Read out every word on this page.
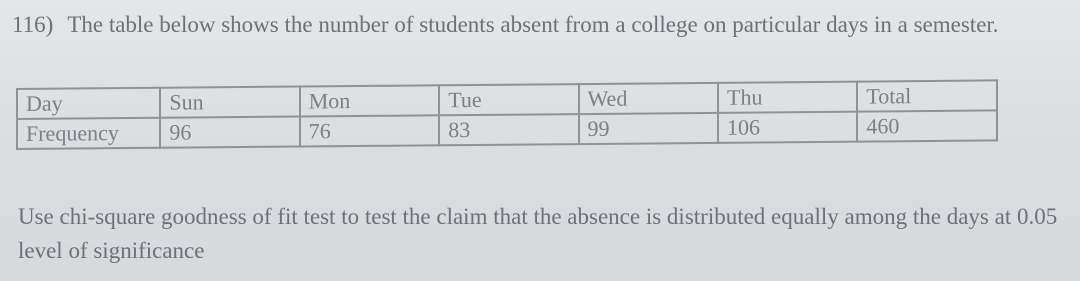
116) The table below shows the number of students absent from a college on particular days in a semester.
Day	Sun	Mon	Tue	Wed	Thu	Total
Frequency	96	76	83	99	106	460
Use chi-square goodness of fit test to test the claim that the absence is distributed equally among the days at 0.05 level of significance
